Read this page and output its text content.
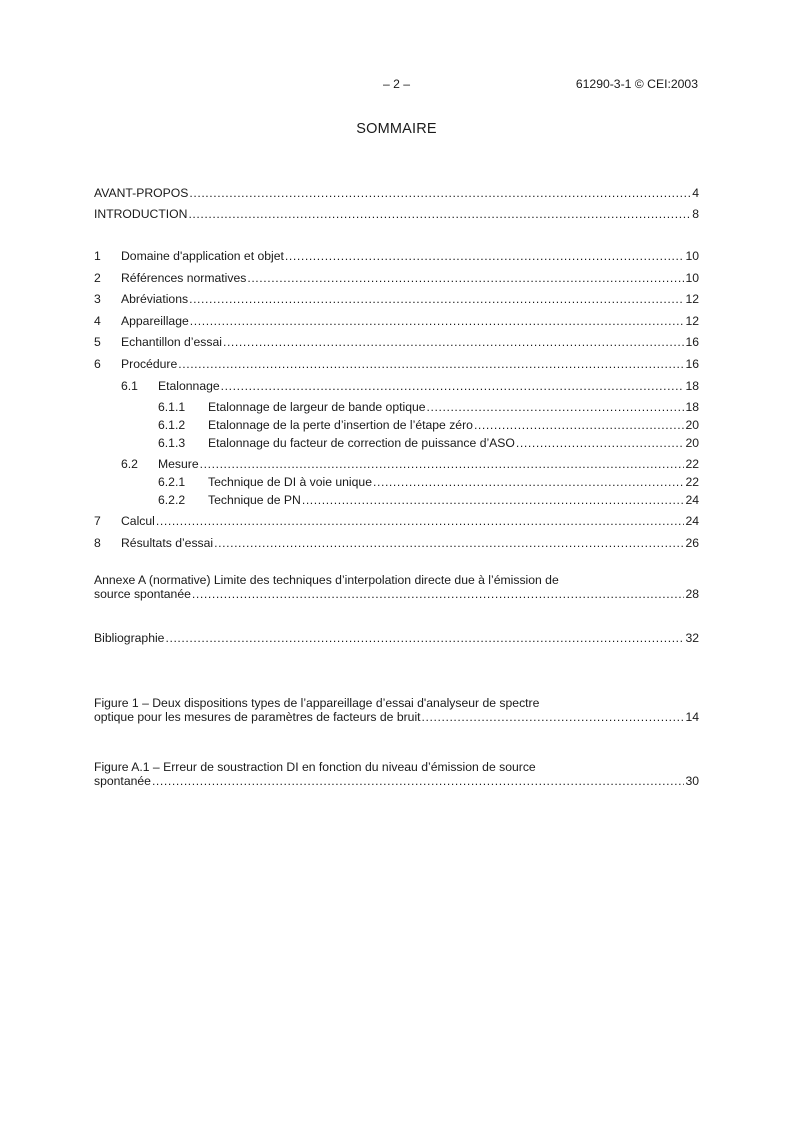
– 2 –	61290-3-1 © CEI:2003
SOMMAIRE
AVANT-PROPOS .....	4
INTRODUCTION .....	8
1 Domaine d'application et objet .....	10
2 Références normatives .....	10
3 Abréviations .....	12
4 Appareillage .....	12
5 Echantillon d’essai .....	16
6 Procédure .....	16
6.1 Etalonnage .....	18
6.1.1 Etalonnage de largeur de bande optique .....	18
6.1.2 Etalonnage de la perte d’insertion de l’étape zéro .....	20
6.1.3 Etalonnage du facteur de correction de puissance d’ASO .....	20
6.2 Mesure .....	22
6.2.1 Technique de DI à voie unique .....	22
6.2.2 Technique de PN .....	24
7 Calcul .....	24
8 Résultats d’essai .....	26
Annexe A (normative) Limite des techniques d’interpolation directe due à l’émission de
source spontanée .....	28
Bibliographie .....	32
Figure 1 – Deux dispositions types de l’appareillage d’essai d'analyseur de spectre
optique pour les mesures de paramètres de facteurs de bruit .....	14
Figure A.1 – Erreur de soustraction DI en fonction du niveau d’émission de source
spontanée .....	30
